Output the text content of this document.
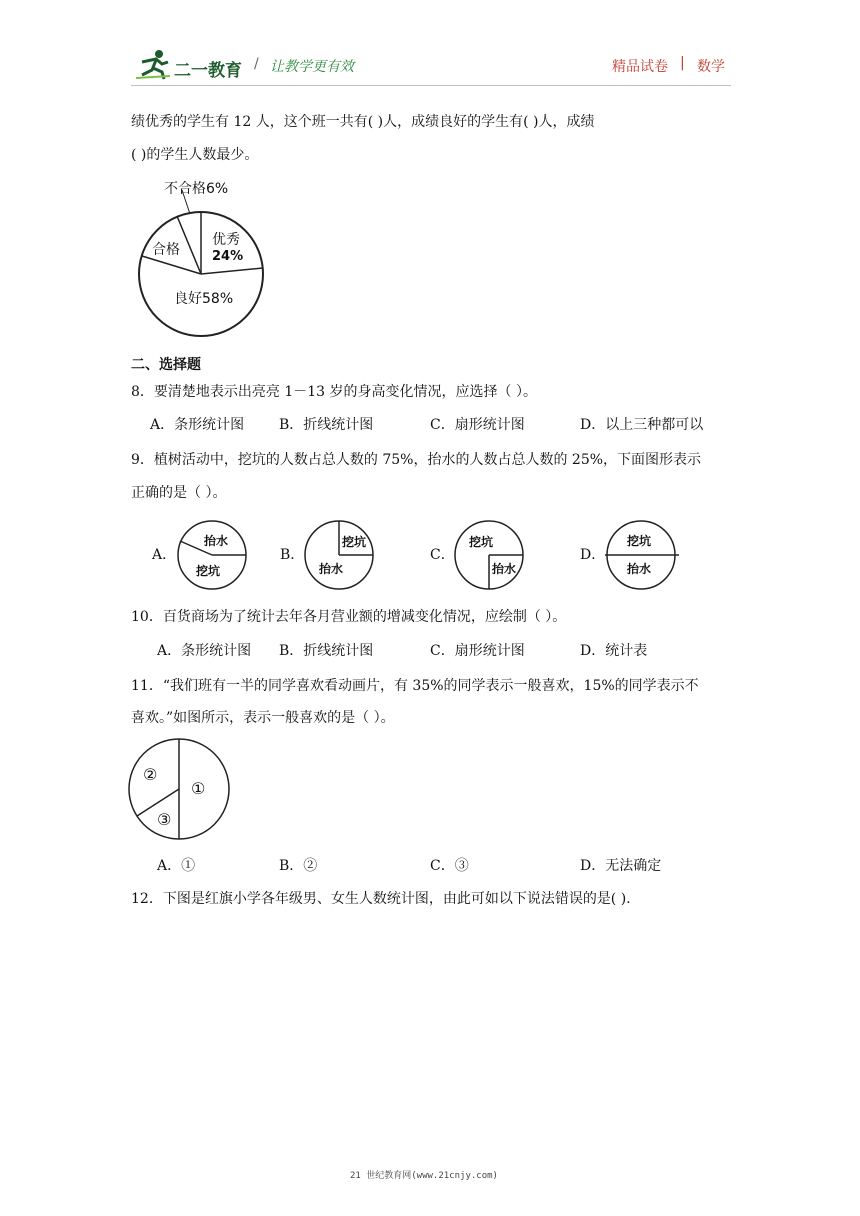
二一教育 / 让教学更有效	精品试卷 | 数学
绩优秀的学生有 12 人，这个班一共有( )人，成绩良好的学生有( )人，成绩
( )的学生人数最少。
不合格6%
合格
优秀
24%
良好58%
二、选择题
8．要清楚地表示出亮亮 1－13 岁的身高变化情况，应选择（ ）。
A．条形统计图 B．折线统计图	C．扇形统计图	D．以上三种都可以
9．植树活动中，挖坑的人数占总人数的 75%，抬水的人数占总人数的 25%，下面图形表示
正确的是（ ）。
A．
抬水
挖坑
B．
挖坑
抬水
C．
挖坑
抬水
D．
挖坑
抬水
10．百货商场为了统计去年各月营业额的增减变化情况，应绘制（ ）。
A．条形统计图 B．折线统计图	C．扇形统计图	D．统计表
11．“我们班有一半的同学喜欢看动画片，有 35%的同学表示一般喜欢，15%的同学表示不
喜欢。”如图所示，表示一般喜欢的是（ ）。
①
②
③
A．①	B．②	C．③	D．无法确定
12．下图是红旗小学各年级男、女生人数统计图，由此可如以下说法错误的是( ).
21 世纪教育网(www.21cnjy.com)
